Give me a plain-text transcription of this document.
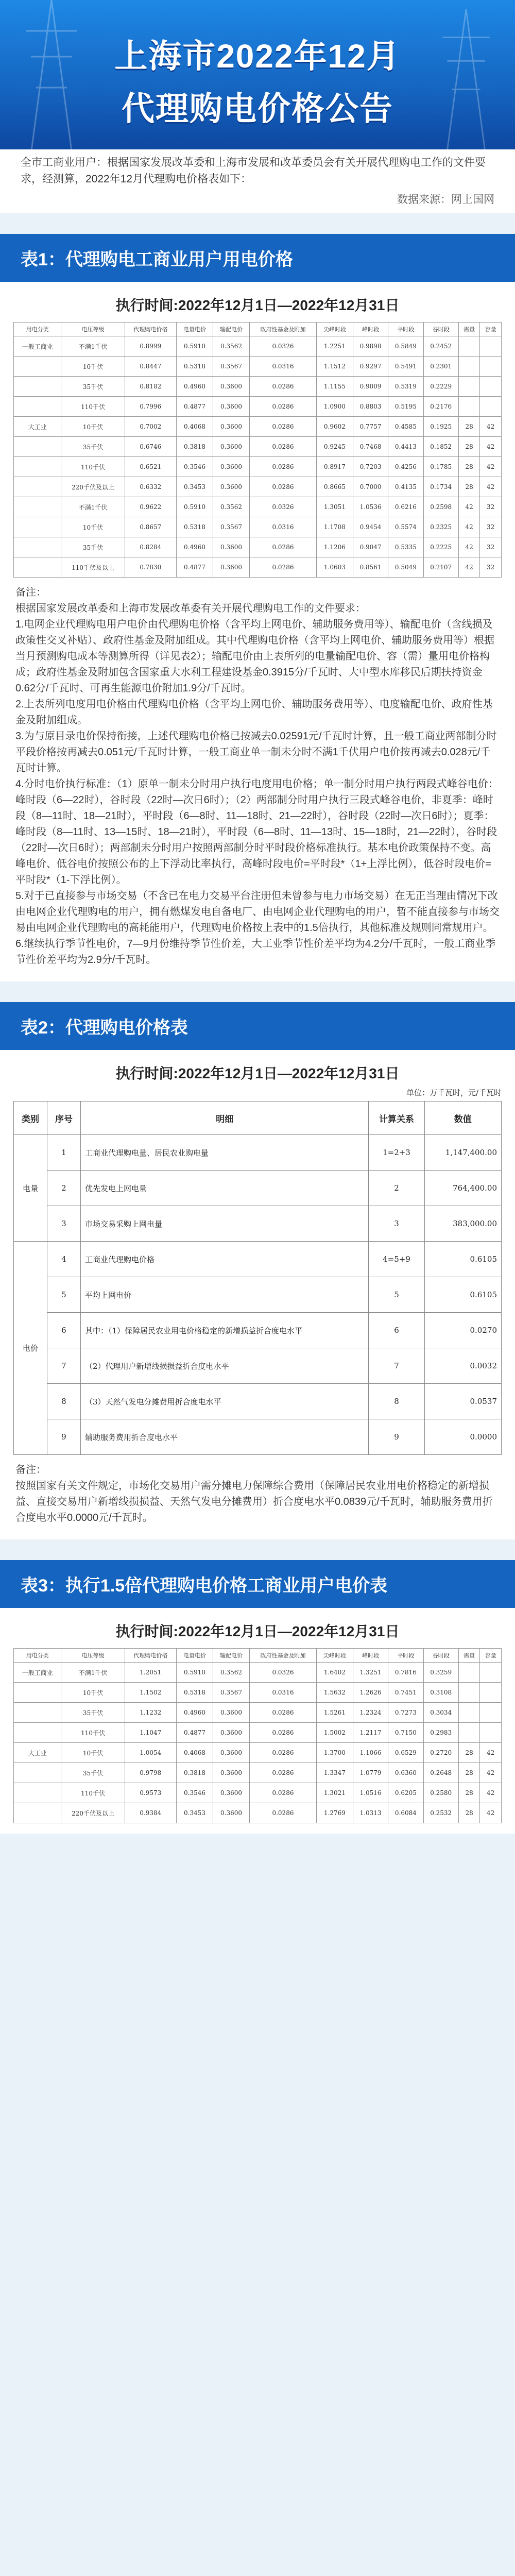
上海市2022年12月
代理购电价格公告
全市工商业用户：根据国家发展改革委和上海市发展和改革委员会有关开展代理购电工作的文件要求，经测算，2022年12月代理购电价格表如下：
数据来源：网上国网
表1：代理购电工商业用户用电价格
执行时间:2022年12月1日—2022年12月31日
用电分类	电压等级	代理购电价格	电量电价	输配电价	政府性基金及附加	尖峰时段	峰时段	平时段	谷时段	需量	容量
一般工商业	不满1千伏	0.8999	0.5910	0.3562	0.0326	1.2251	0.9898	0.5849	0.2452		
	10千伏	0.8447	0.5318	0.3567	0.0316	1.1512	0.9297	0.5491	0.2301		
	35千伏	0.8182	0.4960	0.3600	0.0286	1.1155	0.9009	0.5319	0.2229		
	110千伏	0.7996	0.4877	0.3600	0.0286	1.0900	0.8803	0.5195	0.2176		
大工业	10千伏	0.7002	0.4068	0.3600	0.0286	0.9602	0.7757	0.4585	0.1925	28	42
	35千伏	0.6746	0.3818	0.3600	0.0286	0.9245	0.7468	0.4413	0.1852	28	42
	110千伏	0.6521	0.3546	0.3600	0.0286	0.8917	0.7203	0.4256	0.1785	28	42
	220千伏及以上	0.6332	0.3453	0.3600	0.0286	0.8665	0.7000	0.4135	0.1734	28	42
	不满1千伏	0.9622	0.5910	0.3562	0.0326	1.3051	1.0536	0.6216	0.2598	42	32
	10千伏	0.8657	0.5318	0.3567	0.0316	1.1708	0.9454	0.5574	0.2325	42	32
	35千伏	0.8284	0.4960	0.3600	0.0286	1.1206	0.9047	0.5335	0.2225	42	32
	110千伏及以上	0.7830	0.4877	0.3600	0.0286	1.0603	0.8561	0.5049	0.2107	42	32
备注：
根据国家发展改革委和上海市发展改革委有关开展代理购电工作的文件要求：
1.电网企业代理购电用户电价由代理购电价格（含平均上网电价、辅助服务费用等）、输配电价（含线损及政策性交叉补贴）、政府性基金及附加组成。其中代理购电价格（含平均上网电价、辅助服务费用等）根据当月预测购电成本等测算所得（详见表2）；输配电价由上表所列的电量输配电价、容（需）量用电价格构成；政府性基金及附加包含国家重大水利工程建设基金0.3915分/千瓦时、大中型水库移民后期扶持资金0.62分/千瓦时、可再生能源电价附加1.9分/千瓦时。
2.上表所列电度用电价格由代理购电价格（含平均上网电价、辅助服务费用等）、电度输配电价、政府性基金及附加组成。
3.为与原目录电价保持衔接，上述代理购电价格已按减去0.02591元/千瓦时计算，且一般工商业两部制分时平段价格按再减去0.051元/千瓦时计算，一般工商业单一制未分时不满1千伏用户电价按再减去0.028元/千瓦时计算。
4.分时电价执行标准：（1）原单一制未分时用户执行电度用电价格；单一制分时用户执行两段式峰谷电价：峰时段（6—22时），谷时段（22时—次日6时）；（2）两部制分时用户执行三段式峰谷电价，非夏季：峰时段（8—11时、18—21时），平时段（6—8时、11—18时、21—22时），谷时段（22时—次日6时）；夏季：峰时段（8—11时、13—15时、18—21时），平时段（6—8时、11—13时、15—18时，21—22时），谷时段（22时—次日6时）；两部制未分时用户按照两部制分时平时段价格标准执行。基本电价政策保持不变。高峰电价、低谷电价按照公布的上下浮动比率执行，高峰时段电价=平时段*（1+上浮比例），低谷时段电价=平时段*（1-下浮比例）。
5.对于已直接参与市场交易（不含已在电力交易平台注册但未曾参与电力市场交易）在无正当理由情况下改由电网企业代理购电的用户，拥有燃煤发电自备电厂、由电网企业代理购电的用户，暂不能直接参与市场交易由电网企业代理购电的高耗能用户，代理购电价格按上表中的1.5倍执行，其他标准及规则同常规用户。
6.继续执行季节性电价，7—9月份维持季节性价差，大工业季节性价差平均为4.2分/千瓦时，一般工商业季节性价差平均为2.9分/千瓦时。
表2：代理购电价格表
执行时间:2022年12月1日—2022年12月31日
单位：万千瓦时，元/千瓦时
类别	序号	明细	计算关系	数值
电量	1	工商业代理购电量、居民农业购电量	1=2+3	1,147,400.00
	2	优先发电上网电量	2	764,400.00
	3	市场交易采购上网电量	3	383,000.00
电价	4	工商业代理购电价格	4=5+9	0.6105
	5	平均上网电价	5	0.6105
	6	其中：（1）保障居民农业用电价格稳定的新增损益折合度电水平	6	0.0270
	7	（2）代理用户新增线损损益折合度电水平	7	0.0032
	8	（3）天然气发电分摊费用折合度电水平	8	0.0537
	9	辅助服务费用折合度电水平	9	0.0000
备注：
按照国家有关文件规定，市场化交易用户需分摊电力保障综合费用（保障居民农业用电价格稳定的新增损益、直接交易用户新增线损损益、天然气发电分摊费用）折合度电水平0.0839元/千瓦时，辅助服务费用折合度电水平0.0000元/千瓦时。
表3：执行1.5倍代理购电价格工商业用户电价表
执行时间:2022年12月1日—2022年12月31日
用电分类	电压等级	代理购电价格	电量电价	输配电价	政府性基金及附加	尖峰时段	峰时段	平时段	谷时段	需量	容量
一般工商业	不满1千伏	1.2051	0.5910	0.3562	0.0326	1.6402	1.3251	0.7816	0.3259		
	10千伏	1.1502	0.5318	0.3567	0.0316	1.5632	1.2626	0.7451	0.3108		
	35千伏	1.1232	0.4960	0.3600	0.0286	1.5261	1.2324	0.7273	0.3034		
	110千伏	1.1047	0.4877	0.3600	0.0286	1.5002	1.2117	0.7150	0.2983		
大工业	10千伏	1.0054	0.4068	0.3600	0.0286	1.3700	1.1066	0.6529	0.2720	28	42
	35千伏	0.9798	0.3818	0.3600	0.0286	1.3347	1.0779	0.6360	0.2648	28	42
	110千伏	0.9573	0.3546	0.3600	0.0286	1.3021	1.0516	0.6205	0.2580	28	42
	220千伏及以上	0.9384	0.3453	0.3600	0.0286	1.2769	1.0313	0.6084	0.2532	28	42
